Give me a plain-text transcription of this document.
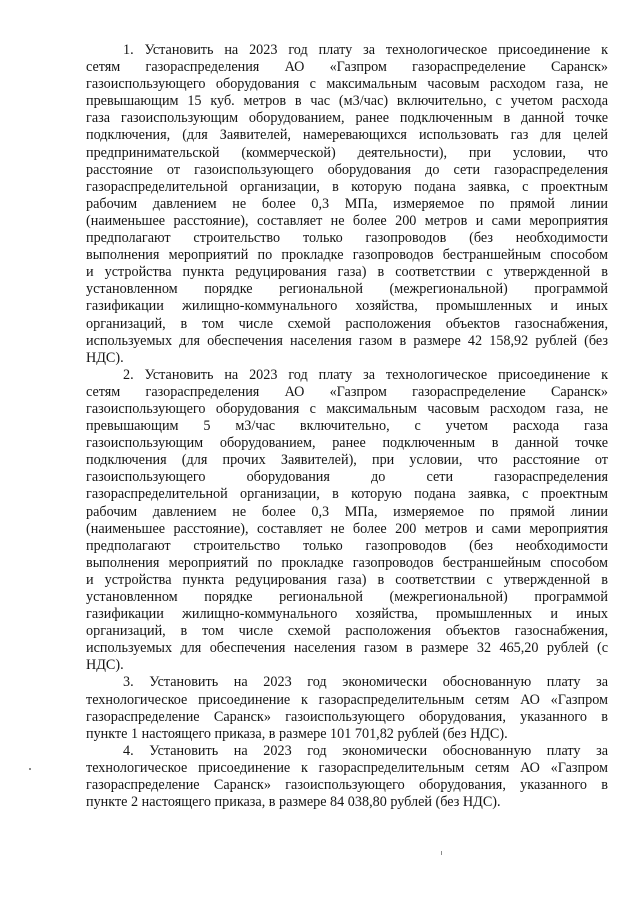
1. Установить на 2023 год плату за технологическое присоединение к
сетям газораспределения АО «Газпром газораспределение Саранск»
газоиспользующего оборудования с максимальным часовым расходом газа, не
превышающим 15 куб. метров в час (м3/час) включительно, с учетом расхода
газа газоиспользующим оборудованием, ранее подключенным в данной точке
подключения, (для Заявителей, намеревающихся использовать газ для целей
предпринимательской (коммерческой) деятельности), при условии, что
расстояние от газоиспользующего оборудования до сети газораспределения
газораспределительной организации, в которую подана заявка, с проектным
рабочим давлением не более 0,3 МПа, измеряемое по прямой линии
(наименьшее расстояние), составляет не более 200 метров и сами мероприятия
предполагают строительство только газопроводов (без необходимости
выполнения мероприятий по прокладке газопроводов бестраншейным способом
и устройства пункта редуцирования газа) в соответствии с утвержденной в
установленном порядке региональной (межрегиональной) программой
газификации жилищно-коммунального хозяйства, промышленных и иных
организаций, в том числе схемой расположения объектов газоснабжения,
используемых для обеспечения населения газом в размере 42 158,92 рублей (без
НДС).
2. Установить на 2023 год плату за технологическое присоединение к
сетям газораспределения АО «Газпром газораспределение Саранск»
газоиспользующего оборудования с максимальным часовым расходом газа, не
превышающим 5 м3/час включительно, с учетом расхода газа
газоиспользующим оборудованием, ранее подключенным в данной точке
подключения (для прочих Заявителей), при условии, что расстояние от
газоиспользующего оборудования до сети газораспределения
газораспределительной организации, в которую подана заявка, с проектным
рабочим давлением не более 0,3 МПа, измеряемое по прямой линии
(наименьшее расстояние), составляет не более 200 метров и сами мероприятия
предполагают строительство только газопроводов (без необходимости
выполнения мероприятий по прокладке газопроводов бестраншейным способом
и устройства пункта редуцирования газа) в соответствии с утвержденной в
установленном порядке региональной (межрегиональной) программой
газификации жилищно-коммунального хозяйства, промышленных и иных
организаций, в том числе схемой расположения объектов газоснабжения,
используемых для обеспечения населения газом в размере 32 465,20 рублей (с
НДС).
3. Установить на 2023 год экономически обоснованную плату за
технологическое присоединение к газораспределительным сетям АО «Газпром
газораспределение Саранск» газоиспользующего оборудования, указанного в
пункте 1 настоящего приказа, в размере 101 701,82 рублей (без НДС).
4. Установить на 2023 год экономически обоснованную плату за
технологическое присоединение к газораспределительным сетям АО «Газпром
газораспределение Саранск» газоиспользующего оборудования, указанного в
пункте 2 настоящего приказа, в размере 84 038,80 рублей (без НДС).
